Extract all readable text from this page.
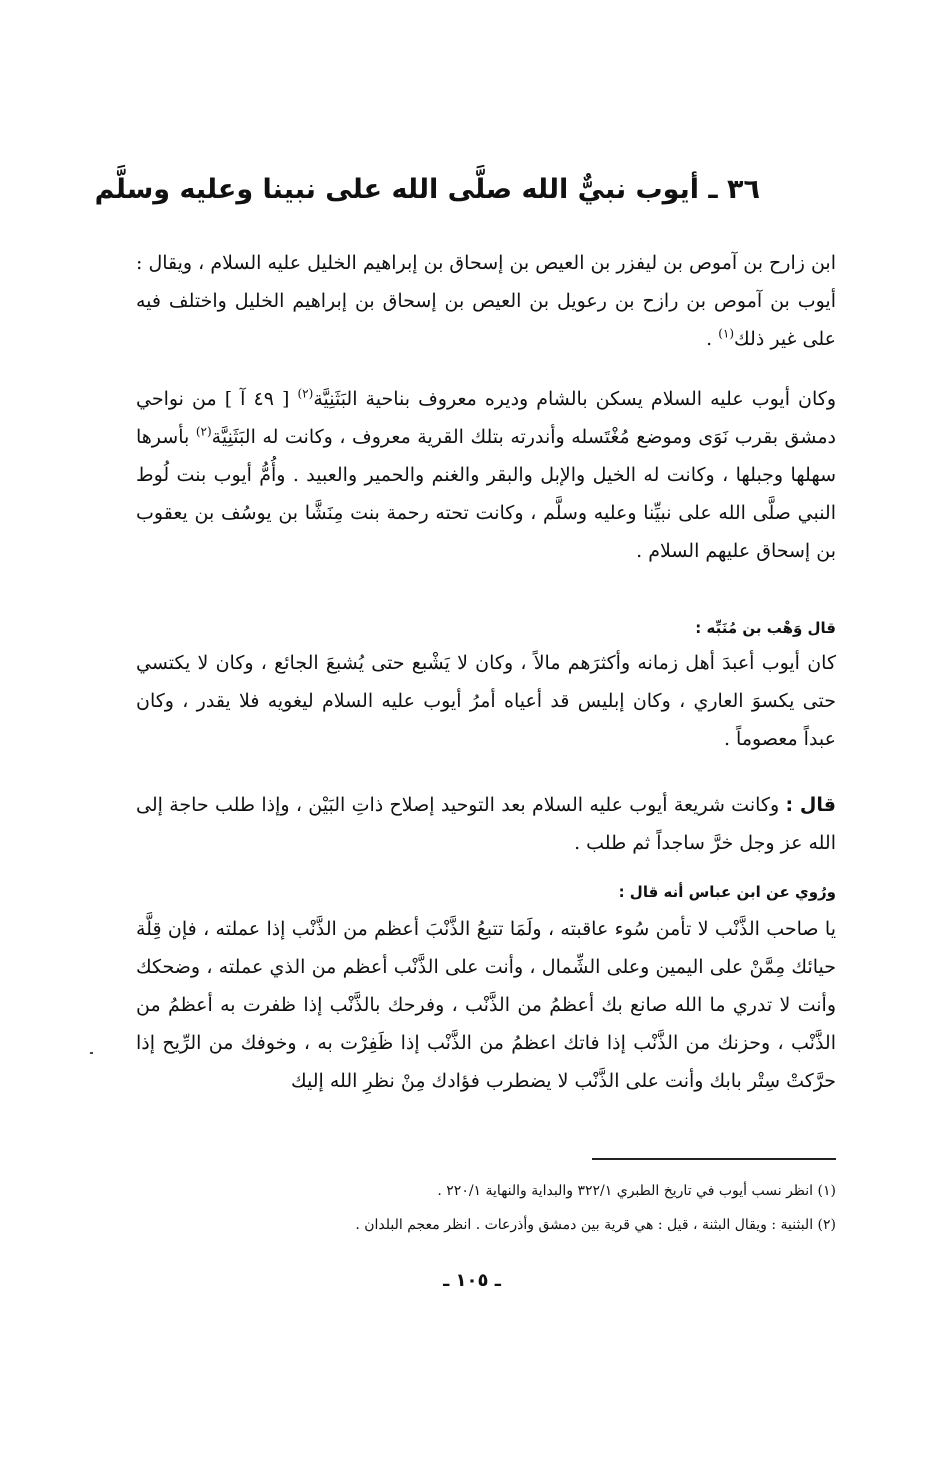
٣٦ ـ أيوب نبيٌّ الله صلَّى الله على نبينا وعليه وسلَّم
ابن زارح بن آموص بن ليفزر بن العيص بن إسحاق بن إبراهيم الخليل عليه السلام ، ويقال : أيوب بن آموص بن رازح بن رعويل بن العيص بن إسحاق بن إبراهيم الخليل واختلف فيه على غير ذلك$^{(١)}$ .
وكان أيوب عليه السلام يسكن بالشام وديره معروف بناحية البَثَنِيَّة$^{(٢)}$ [ ٤٩ آ ] من نواحي دمشق بقرب نَوَى وموضع مُغْتَسله وأندرته بتلك القرية معروف ، وكانت له البَثَنِيَّة$^{(٢)}$ بأسرها سهلها وجبلها ، وكانت له الخيل والإبل والبقر والغنم والحمير والعبيد . وأُمُّ أيوب بنت لُوط النبي صلَّى الله على نبيِّنا وعليه وسلَّم ، وكانت تحته رحمة بنت مِنَشَّا بن يوسُف بن يعقوب بن إسحاق عليهم السلام .
قال وَهْب بن مُنَبِّه :
كان أيوب أعبدَ أهل زمانه وأكثرَهم مالاً ، وكان لا يَشْبع حتى يُشبعَ الجائع ، وكان لا يكتسي حتى يكسوَ العاري ، وكان إبليس قد أعياه أمرُ أيوب عليه السلام ليغويه فلا يقدر ، وكان عبداً معصوماً .
قال : وكانت شريعة أيوب عليه السلام بعد التوحيد إصلاح ذاتِ البَيْن ، وإذا طلب حاجة إلى الله عز وجل خرَّ ساجداً ثم طلب .
ورُوي عن ابن عباس أنه قال :
يا صاحب الذَّنْب لا تأمن سُوء عاقبته ، ولَمَا تتبعُ الذَّنْبَ أعظم من الذَّنْب إذا عملته ، فإن قِلَّة حيائك مِمَّنْ على اليمين وعلى الشِّمال ، وأنت على الذَّنْب أعظم من الذي عملته ، وضحكك وأنت لا تدري ما الله صانع بك أعظمُ من الذَّنْب ، وفرحك بالذَّنْب إذا ظفرت به أعظمُ من الذَّنْب ، وحزنك من الذَّنْب إذا فاتك اعظمُ من الذَّنْب إذا ظَفِرْت به ، وخوفك من الرِّيح إذا حرَّكتْ سِتْر بابك وأنت على الذَّنْب لا يضطرب فؤادك مِنْ نظرِ الله إليك
(١) انظر نسب أيوب في تاريخ الطبري ٣٢٢/١ والبداية والنهاية ٢٢٠/١ .
(٢) البثنية : ويقال البثنة ، قيل : هي قرية بين دمشق وأذرعات . انظر معجم البلدان .
ـ ١٠٥ ـ
